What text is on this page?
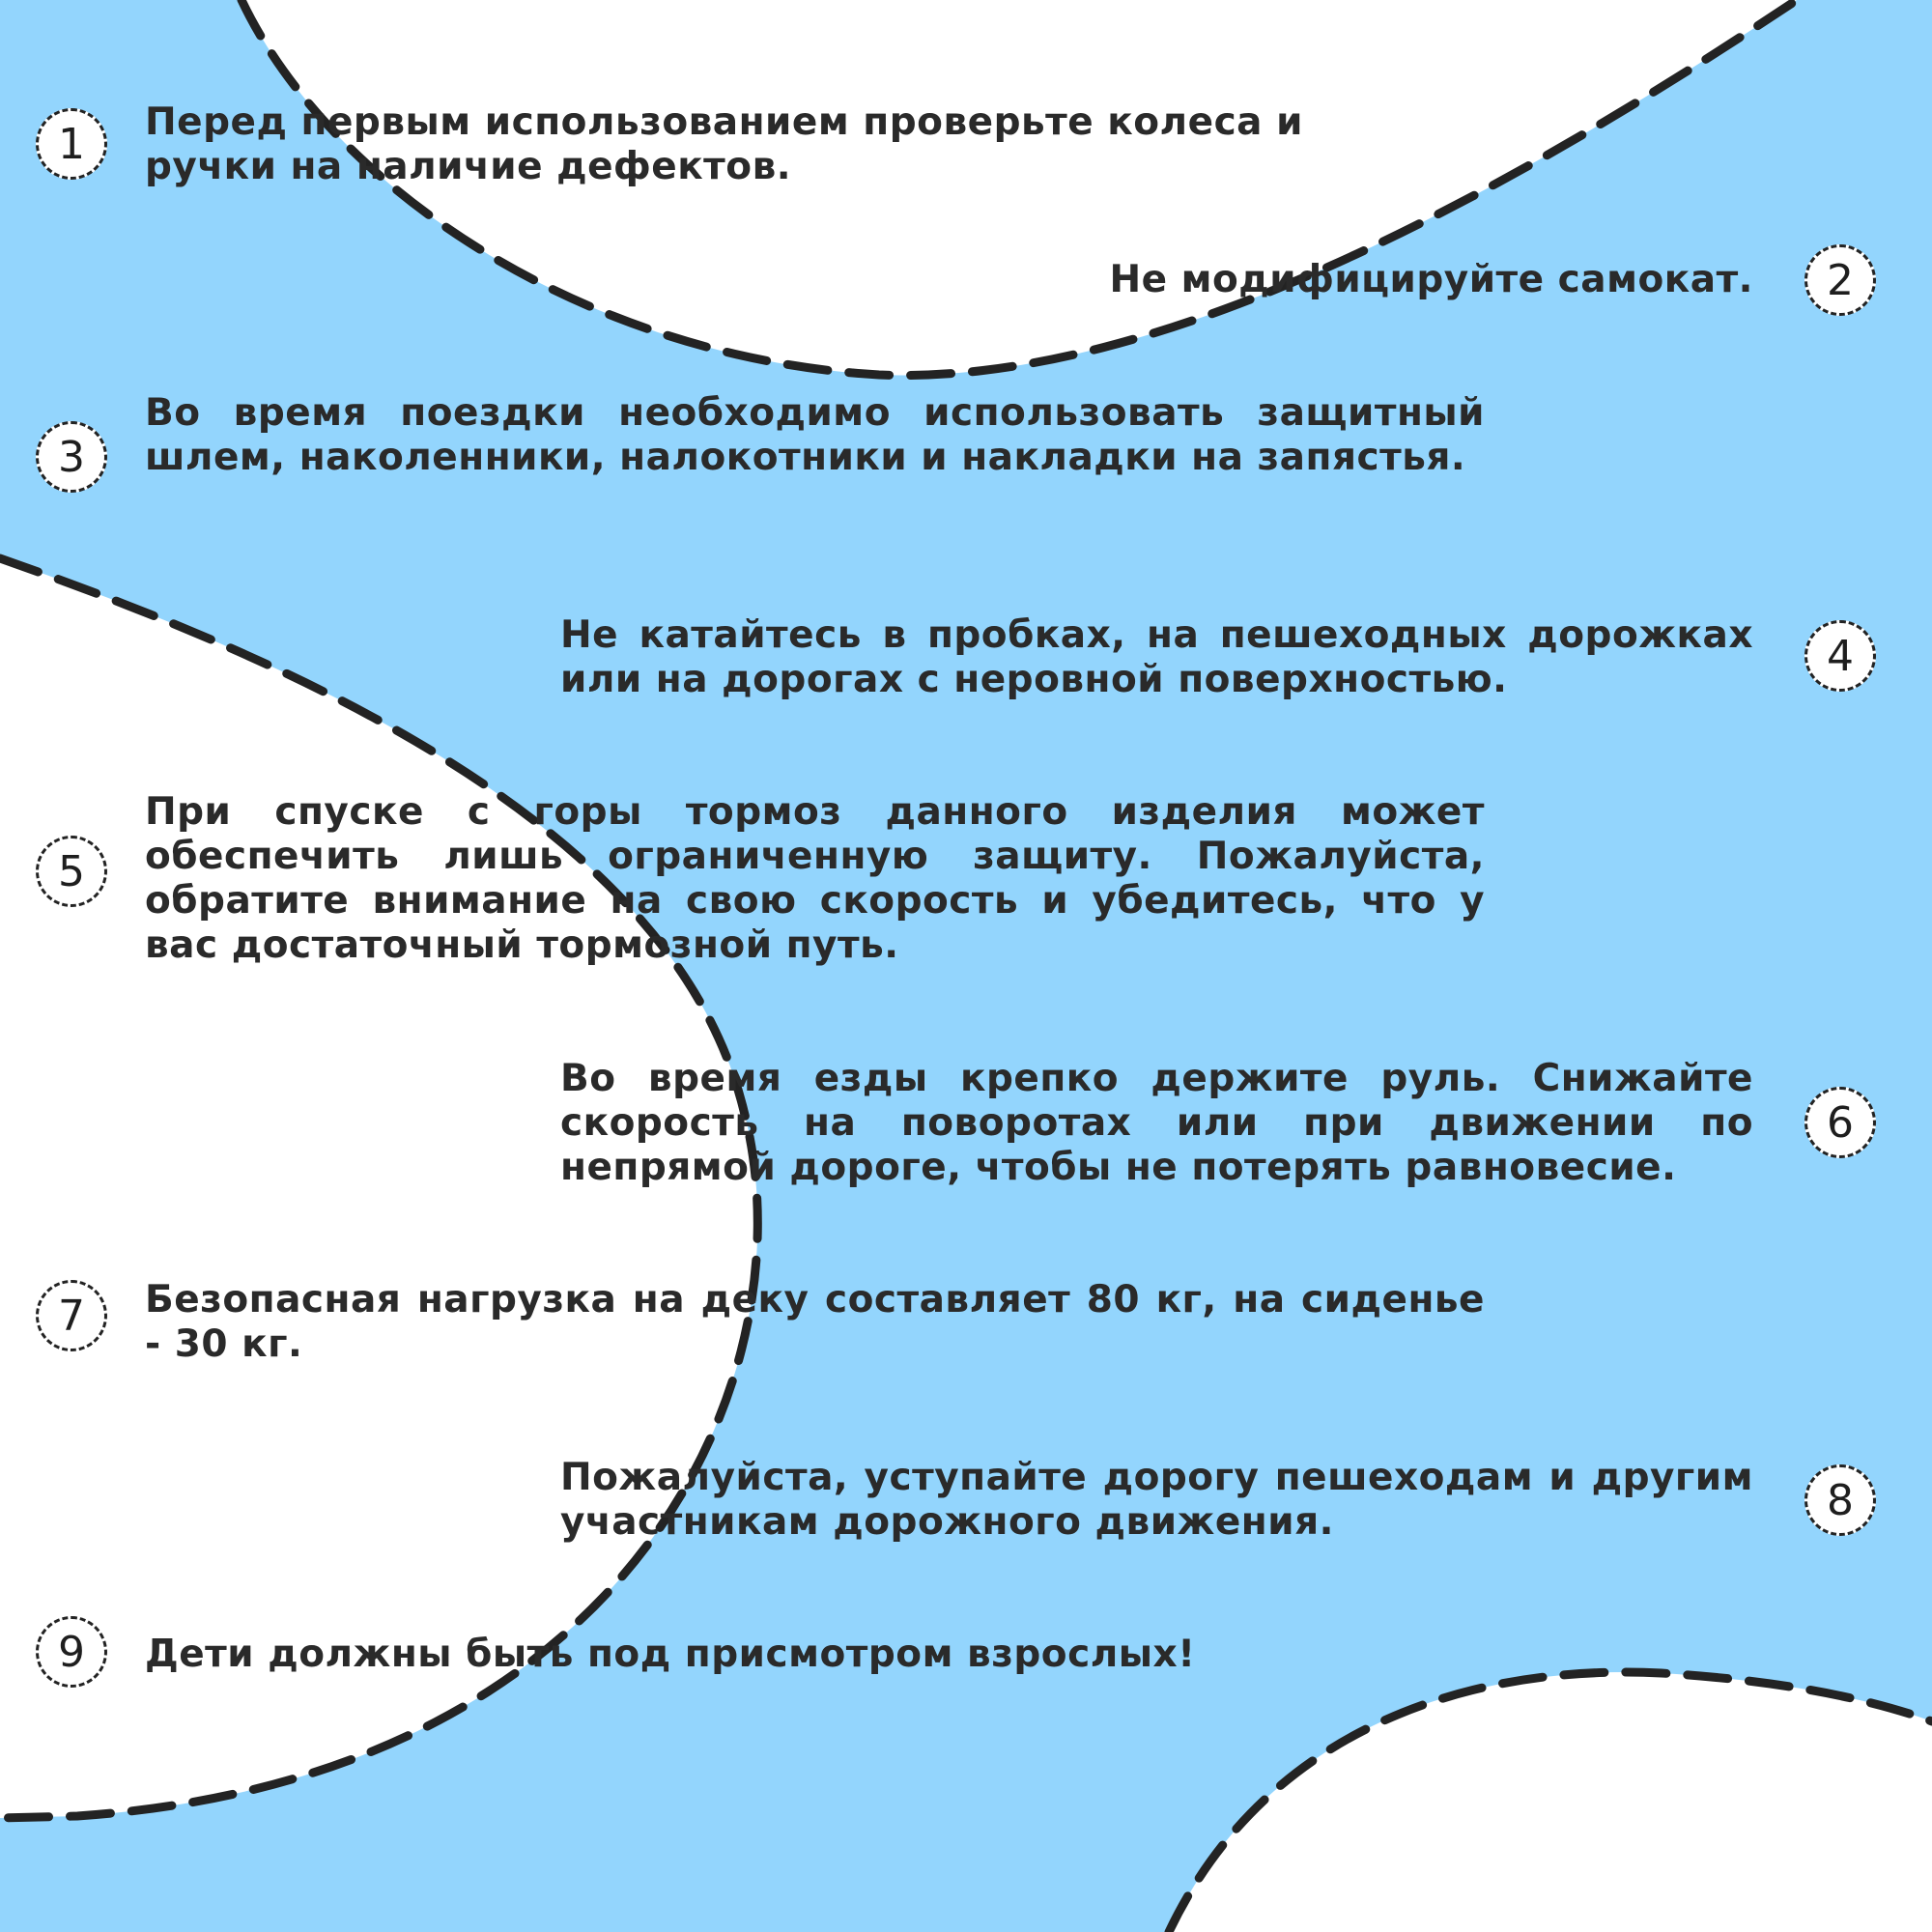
1 Перед первым использованием проверьте колеса и ручки на наличие дефектов.

2

Не модифицируйте самокат.

3

Во время поездки необходимо использовать защитный шлем, наколенники, налокотники и накладки на запястья.

4

Не катайтесь в пробках, на пешеходных дорожках или на дорогах с неровной поверхностью.

5

При спуске с горы тормоз данного изделия может обеспечить лишь ограниченную защиту. Пожалуйста, обратите внимание на свою скорость и убедитесь, что у вас достаточный тормозной путь.

6

Во время езды крепко держите руль. Снижайте скорость на поворотах или при движении по непрямой дороге, чтобы не потерять равновесие.

7 Безопасная нагрузка на деку составляет 80 кг, на сиденье - 30 кг.

8

Пожалуйста, уступайте дорогу пешеходам и другим участникам дорожного движения.

9 Дети должны быть под присмотром взрослых!
